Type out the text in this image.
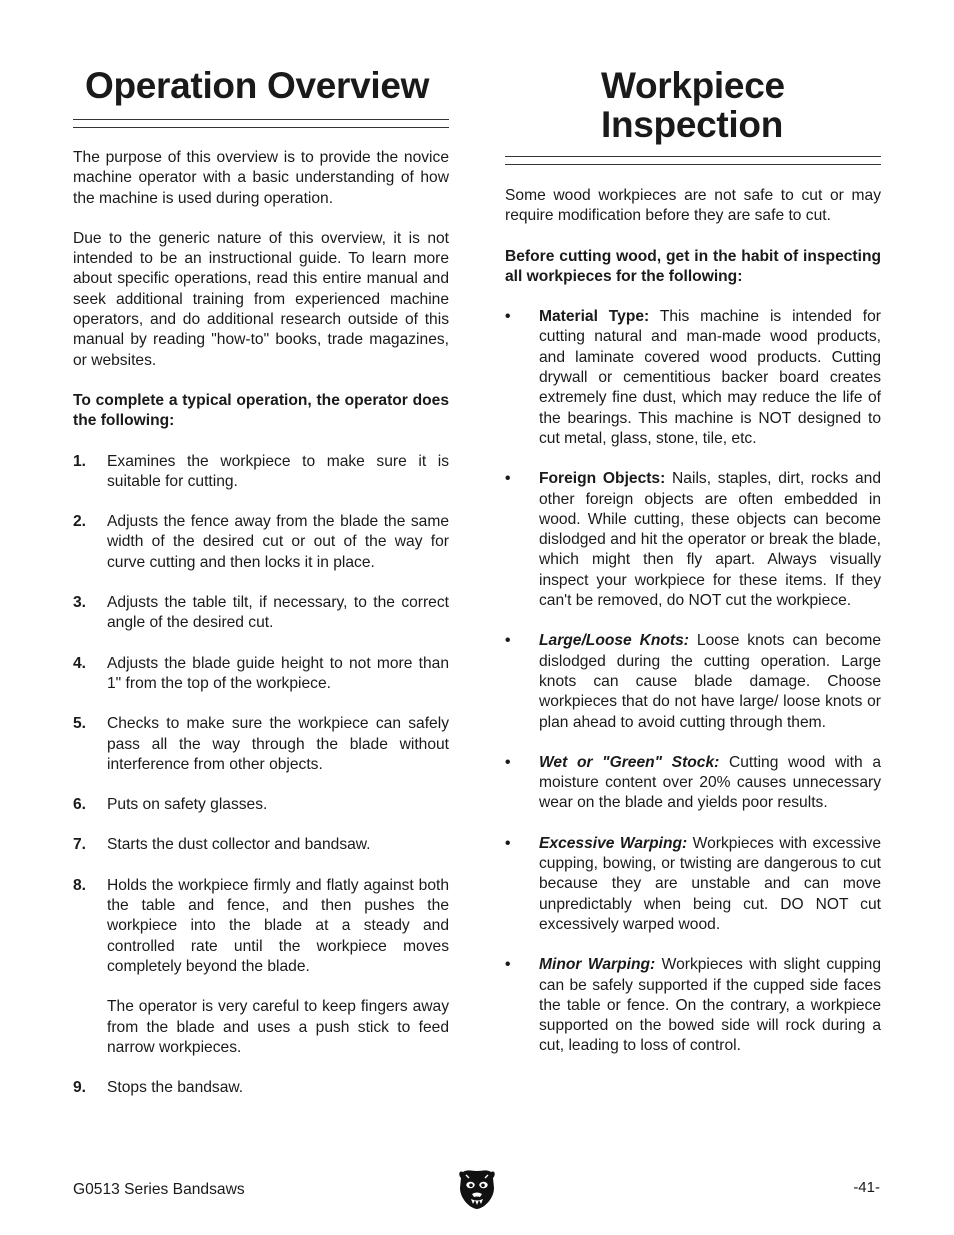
Operation Overview

The purpose of this overview is to provide the novice machine operator with a basic understanding of how the machine is used during operation.

Due to the generic nature of this overview, it is not intended to be an instructional guide. To learn more about specific operations, read this entire manual and seek additional training from experienced machine operators, and do additional research outside of this manual by reading "how-to" books, trade magazines, or websites.

To complete a typical operation, the operator does the following:

1. Examines the workpiece to make sure it is suitable for cutting.

2. Adjusts the fence away from the blade the same width of the desired cut or out of the way for curve cutting and then locks it in place.

3. Adjusts the table tilt, if necessary, to the correct angle of the desired cut.

4. Adjusts the blade guide height to not more than 1" from the top of the workpiece.

5. Checks to make sure the workpiece can safely pass all the way through the blade without interference from other objects.

6. Puts on safety glasses.

7. Starts the dust collector and bandsaw.

8. Holds the workpiece firmly and flatly against both the table and fence, and then pushes the workpiece into the blade at a steady and controlled rate until the workpiece moves completely beyond the blade.

The operator is very careful to keep fingers away from the blade and uses a push stick to feed narrow workpieces.

9. Stops the bandsaw.

Workpiece
Inspection

Some wood workpieces are not safe to cut or may require modification before they are safe to cut.

Before cutting wood, get in the habit of inspecting all workpieces for the following:

• Material Type: This machine is intended for cutting natural and man-made wood products, and laminate covered wood products. Cutting drywall or cementitious backer board creates extremely fine dust, which may reduce the life of the bearings. This machine is NOT designed to cut metal, glass, stone, tile, etc.

• Foreign Objects: Nails, staples, dirt, rocks and other foreign objects are often embedded in wood. While cutting, these objects can become dislodged and hit the operator or break the blade, which might then fly apart. Always visually inspect your workpiece for these items. If they can't be removed, do NOT cut the workpiece.

• Large/Loose Knots: Loose knots can become dislodged during the cutting operation. Large knots can cause blade damage. Choose workpieces that do not have large/ loose knots or plan ahead to avoid cutting through them.

• Wet or "Green" Stock: Cutting wood with a moisture content over 20% causes unnecessary wear on the blade and yields poor results.

• Excessive Warping: Workpieces with excessive cupping, bowing, or twisting are dangerous to cut because they are unstable and can move unpredictably when being cut. DO NOT cut excessively warped wood.

• Minor Warping: Workpieces with slight cupping can be safely supported if the cupped side faces the table or fence. On the contrary, a workpiece supported on the bowed side will rock during a cut, leading to loss of control.

G0513 Series Bandsaws	-41-
